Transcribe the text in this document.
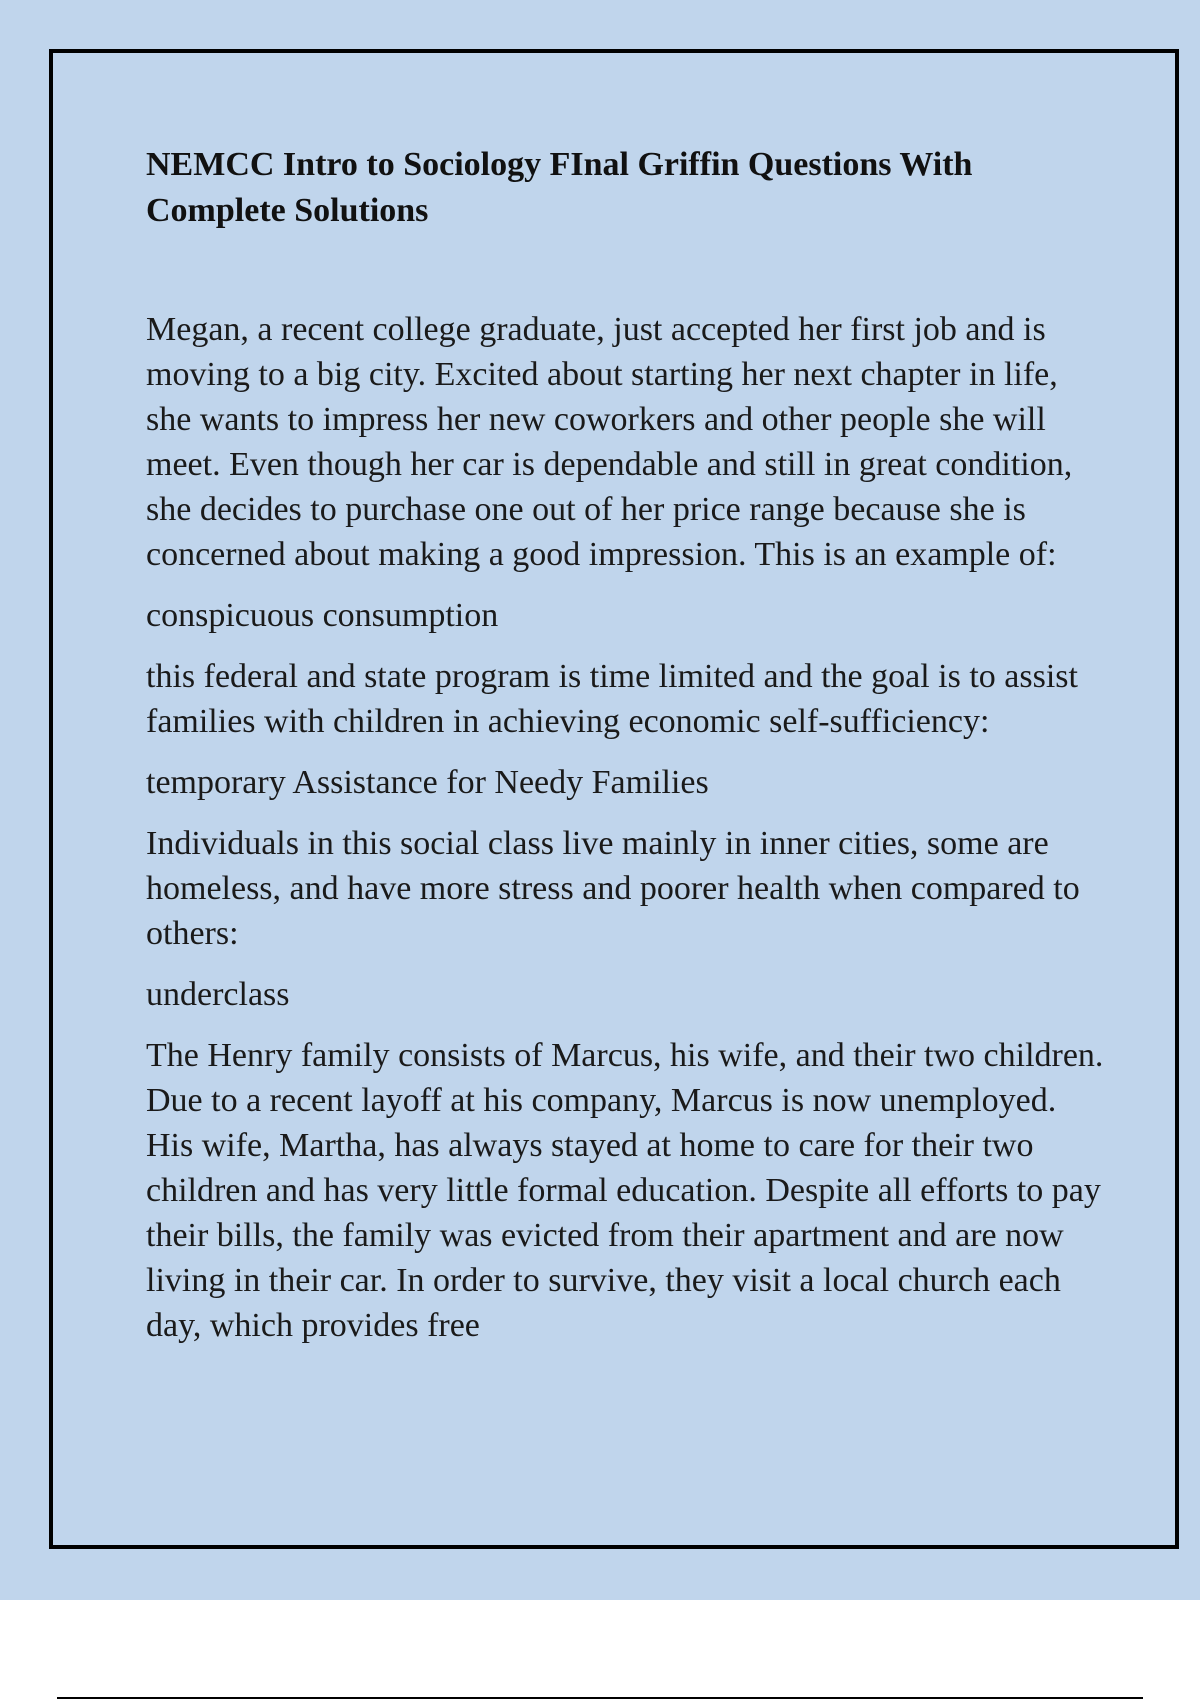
NEMCC Intro to Sociology FInal Griffin Questions With Complete Solutions

Megan, a recent college graduate, just accepted her first job and is moving to a big city. Excited about starting her next chapter in life, she wants to impress her new coworkers and other people she will meet. Even though her car is dependable and still in great condition, she decides to purchase one out of her price range because she is concerned about making a good impression. This is an example of:

conspicuous consumption

this federal and state program is time limited and the goal is to assist families with children in achieving economic self-sufficiency:

temporary Assistance for Needy Families

Individuals in this social class live mainly in inner cities, some are homeless, and have more stress and poorer health when compared to others:

underclass

The Henry family consists of Marcus, his wife, and their two children. Due to a recent layoff at his company, Marcus is now unemployed. His wife, Martha, has always stayed at home to care for their two children and has very little formal education. Despite all efforts to pay their bills, the family was evicted from their apartment and are now living in their car. In order to survive, they visit a local church each day, which provides free
